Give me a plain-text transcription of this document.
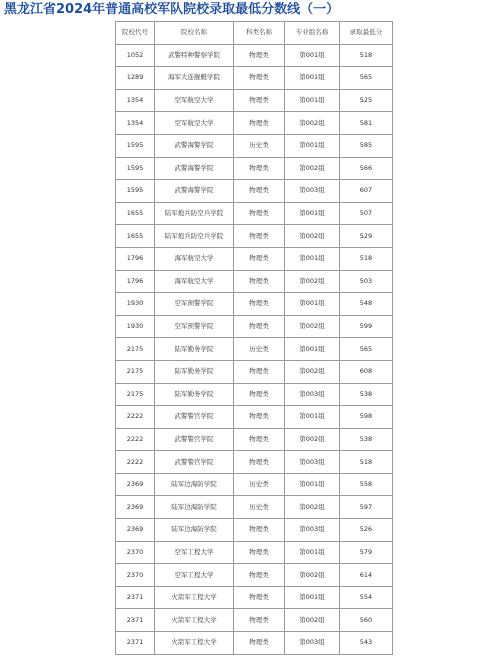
黑龙江省2024年普通高校军队院校录取最低分数线（一）
院校代号	院校名称	科类名称	专业组名称	录取最低分
1052	武警特种警察学院	物理类	第001组	518
1289	海军大连舰艇学院	物理类	第001组	565
1354	空军航空大学	物理类	第001组	525
1354	空军航空大学	物理类	第002组	581
1595	武警海警学院	历史类	第001组	585
1595	武警海警学院	物理类	第002组	566
1595	武警海警学院	物理类	第003组	607
1655	陆军炮兵防空兵学院	物理类	第001组	507
1655	陆军炮兵防空兵学院	物理类	第002组	529
1796	海军航空大学	物理类	第001组	518
1796	海军航空大学	物理类	第002组	503
1930	空军预警学院	物理类	第001组	548
1930	空军预警学院	物理类	第002组	599
2175	陆军勤务学院	历史类	第001组	565
2175	陆军勤务学院	物理类	第002组	608
2175	陆军勤务学院	物理类	第003组	538
2222	武警警官学院	物理类	第001组	598
2222	武警警官学院	物理类	第002组	538
2222	武警警官学院	物理类	第003组	518
2369	陆军边海防学院	历史类	第001组	558
2369	陆军边海防学院	历史类	第002组	597
2369	陆军边海防学院	物理类	第003组	526
2370	空军工程大学	物理类	第001组	579
2370	空军工程大学	物理类	第002组	614
2371	火箭军工程大学	物理类	第001组	554
2371	火箭军工程大学	物理类	第002组	560
2371	火箭军工程大学	物理类	第003组	543
